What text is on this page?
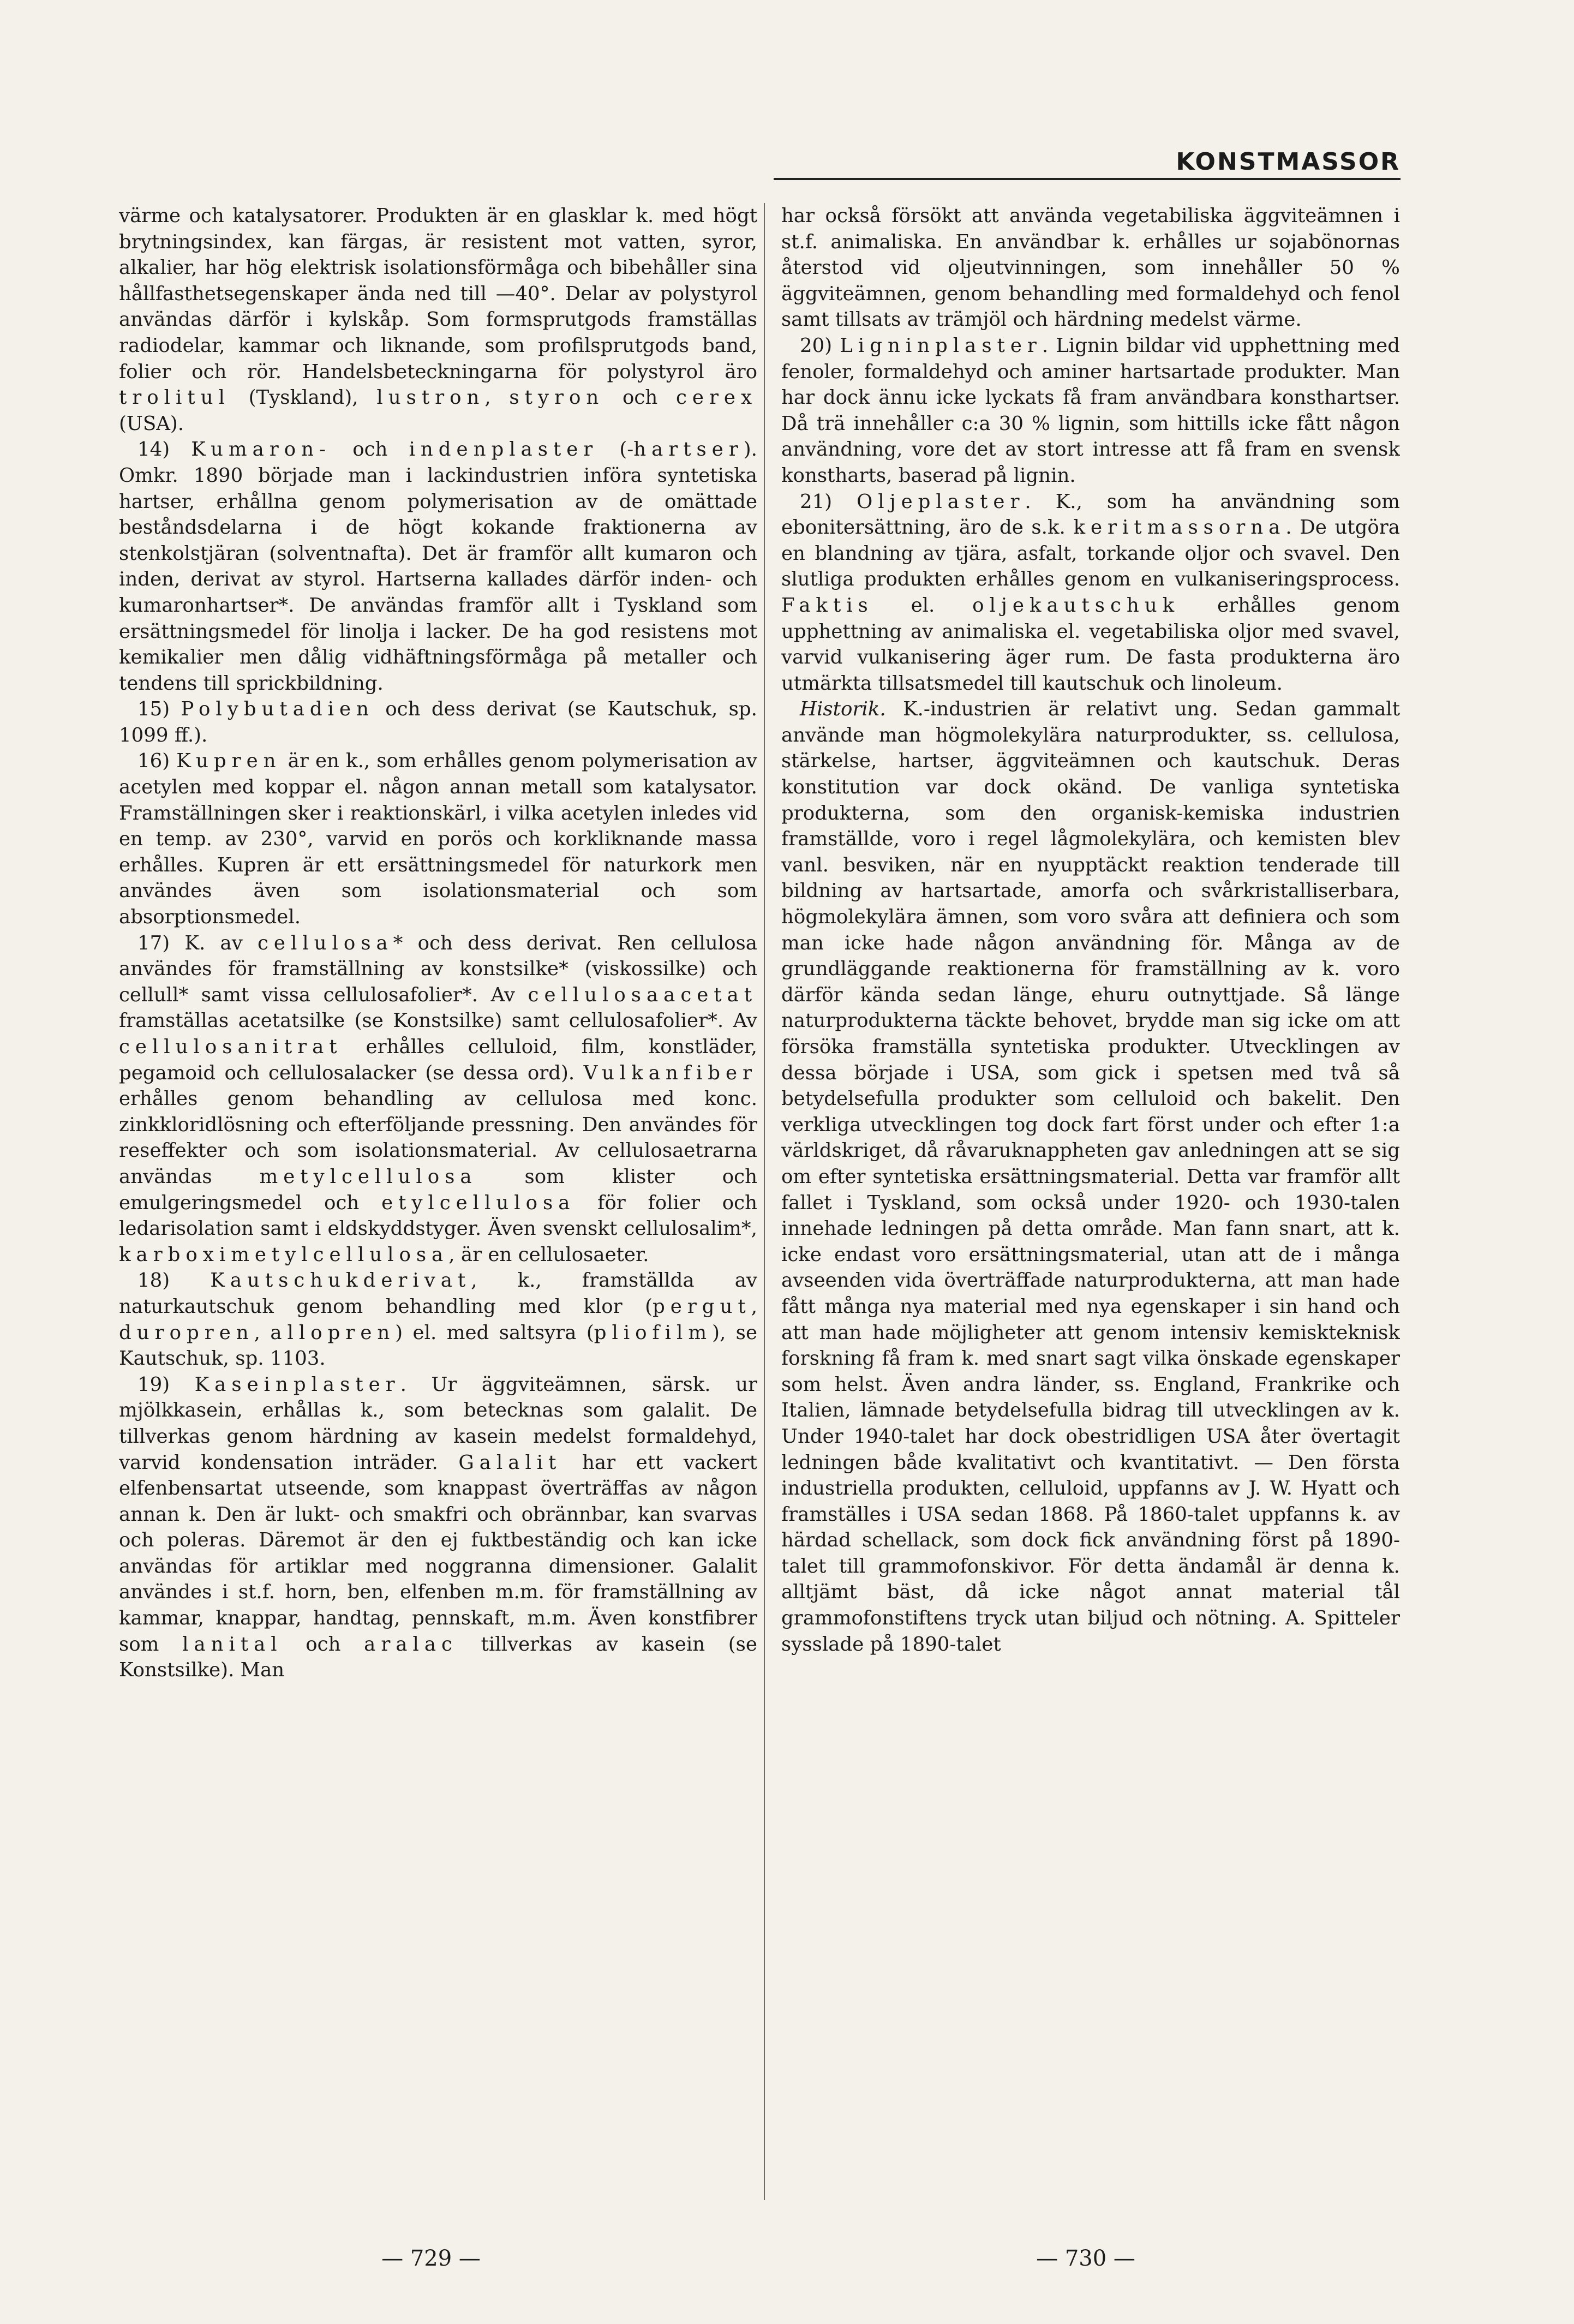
KONSTMASSOR

värme och katalysatorer. Produkten är en glasklar k. med högt brytningsindex, kan färgas, är resistent mot vatten, syror, alkalier, har hög elektrisk isolationsförmåga och bibehåller sina hållfasthetsegenskaper ända ned till —40°. Delar av polystyrol användas därför i kylskåp. Som formsprutgods framställas radiodelar, kammar och liknande, som profilsprutgods band, folier och rör. Handelsbeteckningarna för polystyrol äro trolitul (Tyskland), lustron, styron och cerex (USA).

14) Kumaron- och indenplaster (-hartser). Omkr. 1890 började man i lackindustrien införa syntetiska hartser, erhållna genom polymerisation av de omättade beståndsdelarna i de högt kokande fraktionerna av stenkolstjäran (solventnafta). Det är framför allt kumaron och inden, derivat av styrol. Hartserna kallades därför inden- och kumaronhartser*. De användas framför allt i Tyskland som ersättningsmedel för linolja i lacker. De ha god resistens mot kemikalier men dålig vidhäftningsförmåga på metaller och tendens till sprickbildning.

15) Polybutadien och dess derivat (se Kautschuk, sp. 1099 ff.).

16) Kupren är en k., som erhålles genom polymerisation av acetylen med koppar el. någon annan metall som katalysator. Framställningen sker i reaktionskärl, i vilka acetylen inledes vid en temp. av 230°, varvid en porös och korkliknande massa erhålles. Kupren är ett ersättningsmedel för naturkork men användes även som isolationsmaterial och som absorptionsmedel.

17) K. av cellulosa* och dess derivat. Ren cellulosa användes för framställning av konstsilke* (viskossilke) och cellull* samt vissa cellulosafolier*. Av cellulosaacetat framställas acetatsilke (se Konstsilke) samt cellulosafolier*. Av cellulosanitrat erhålles celluloid, film, konstläder, pegamoid och cellulosalacker (se dessa ord). Vulkanfiber erhålles genom behandling av cellulosa med konc. zinkkloridlösning och efterföljande pressning. Den användes för reseffekter och som isolationsmaterial. Av cellulosaetrarna användas metylcellulosa som klister och emulgeringsmedel och etylcellulosa för folier och ledarisolation samt i eldskyddstyger. Även svenskt cellulosalim*, karboximetylcellulosa, är en cellulosaeter.

18) Kautschukderivat, k., framställda av naturkautschuk genom behandling med klor (pergut, duropren, allopren) el. med saltsyra (pliofilm), se Kautschuk, sp. 1103.

19) Kaseinplaster. Ur äggviteämnen, särsk. ur mjölkkasein, erhållas k., som betecknas som galalit. De tillverkas genom härdning av kasein medelst formaldehyd, varvid kondensation inträder. Galalit har ett vackert elfenbensartat utseende, som knappast överträffas av någon annan k. Den är lukt- och smakfri och obrännbar, kan svarvas och poleras. Däremot är den ej fuktbeständig och kan icke användas för artiklar med noggranna dimensioner. Galalit användes i st.f. horn, ben, elfenben m.m. för framställning av kammar, knappar, handtag, pennskaft, m.m. Även konstfibrer som lanital och aralac tillverkas av kasein (se Konstsilke). Man

har också försökt att använda vegetabiliska äggviteämnen i st.f. animaliska. En användbar k. erhålles ur sojabönornas återstod vid oljeutvinningen, som innehåller 50 % äggviteämnen, genom behandling med formaldehyd och fenol samt tillsats av trämjöl och härdning medelst värme.

20) Ligninplaster. Lignin bildar vid upphettning med fenoler, formaldehyd och aminer hartsartade produkter. Man har dock ännu icke lyckats få fram användbara konsthartser. Då trä innehåller c:a 30 % lignin, som hittills icke fått någon användning, vore det av stort intresse att få fram en svensk konstharts, baserad på lignin.

21) Oljeplaster. K., som ha användning som ebonitersättning, äro de s.k. keritmassorna. De utgöra en blandning av tjära, asfalt, torkande oljor och svavel. Den slutliga produkten erhålles genom en vulkaniseringsprocess. Faktis el. oljekautschuk erhålles genom upphettning av animaliska el. vegetabiliska oljor med svavel, varvid vulkanisering äger rum. De fasta produkterna äro utmärkta tillsatsmedel till kautschuk och linoleum.

Historik. K.-industrien är relativt ung. Sedan gammalt använde man högmolekylära naturprodukter, ss. cellulosa, stärkelse, hartser, äggviteämnen och kautschuk. Deras konstitution var dock okänd. De vanliga syntetiska produkterna, som den organisk-kemiska industrien framställde, voro i regel lågmolekylära, och kemisten blev vanl. besviken, när en nyupptäckt reaktion tenderade till bildning av hartsartade, amorfa och svårkristalliserbara, högmolekylära ämnen, som voro svåra att definiera och som man icke hade någon användning för. Många av de grundläggande reaktionerna för framställning av k. voro därför kända sedan länge, ehuru outnyttjade. Så länge naturprodukterna täckte behovet, brydde man sig icke om att försöka framställa syntetiska produkter. Utvecklingen av dessa började i USA, som gick i spetsen med två så betydelsefulla produkter som celluloid och bakelit. Den verkliga utvecklingen tog dock fart först under och efter 1:a världskriget, då råvaruknappheten gav anledningen att se sig om efter syntetiska ersättningsmaterial. Detta var framför allt fallet i Tyskland, som också under 1920- och 1930-talen innehade ledningen på detta område. Man fann snart, att k. icke endast voro ersättningsmaterial, utan att de i många avseenden vida överträffade naturprodukterna, att man hade fått många nya material med nya egenskaper i sin hand och att man hade möjligheter att genom intensiv kemiskteknisk forskning få fram k. med snart sagt vilka önskade egenskaper som helst. Även andra länder, ss. England, Frankrike och Italien, lämnade betydelsefulla bidrag till utvecklingen av k. Under 1940-talet har dock obestridligen USA åter övertagit ledningen både kvalitativt och kvantitativt. — Den första industriella produkten, celluloid, uppfanns av J. W. Hyatt och framställes i USA sedan 1868. På 1860-talet uppfanns k. av härdad schellack, som dock fick användning först på 1890-talet till grammofonskivor. För detta ändamål är denna k. alltjämt bäst, då icke något annat material tål grammofonstiftens tryck utan biljud och nötning. A. Spitteler sysslade på 1890-talet

— 729 —	— 730 —
